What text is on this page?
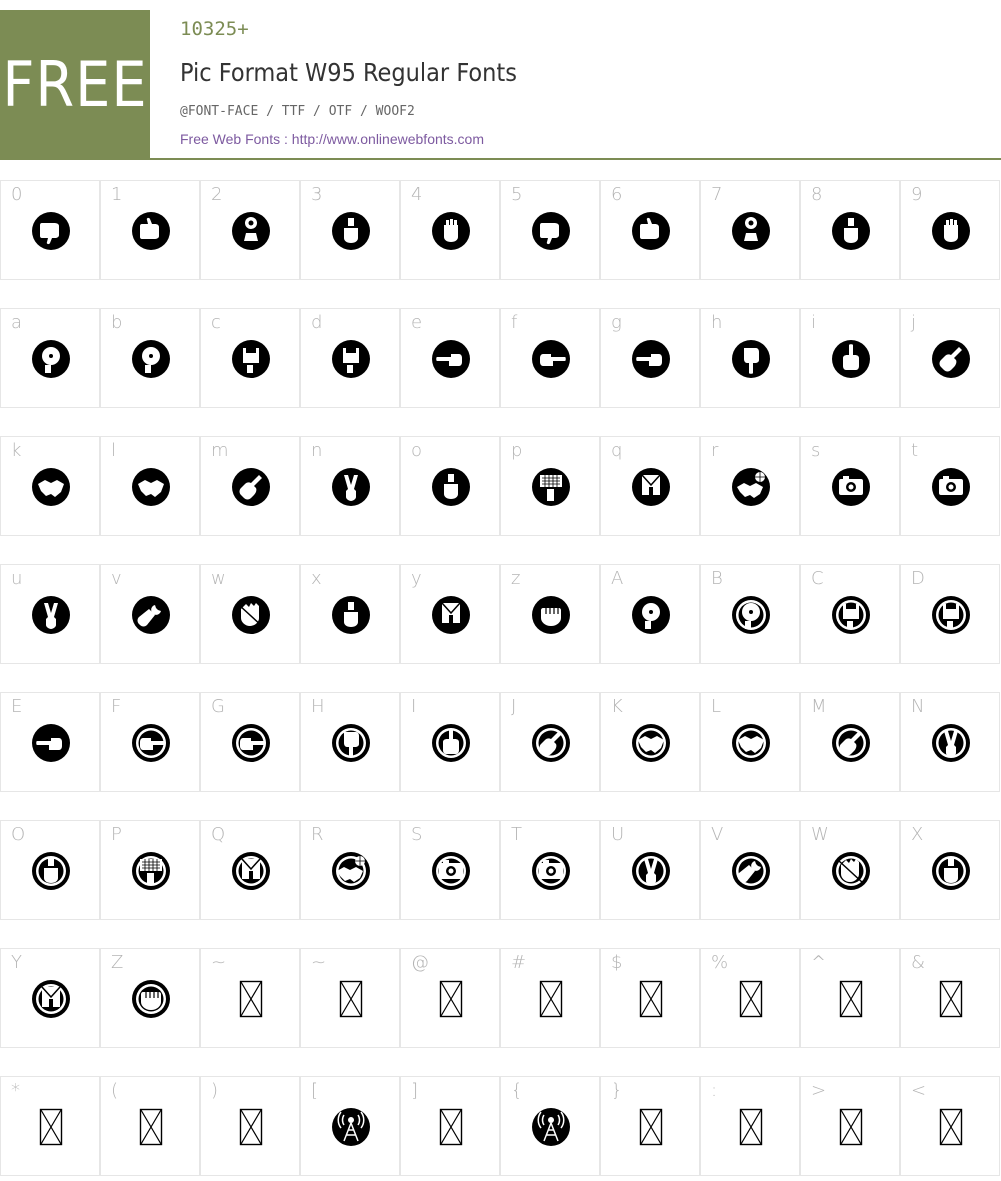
FREE
10325+
Pic Format W95 Regular Fonts
@FONT-FACE / TTF / OTF / WOOF2
Free Web Fonts : http://www.onlinewebfonts.com
0	1	2	3	4	5	6	7	8	9
a	b	c	d	e	f	g	h	i	j
k	l	m	n	o	p	q	r	s	t
u	v	w	x	y	z	A	B	C	D
E	F	G	H	I	J	K	L	M	N
O	P	Q	R	S	T	U	V	W	X
Y	Z	~	~	@	#	$	%	^	&
*	(	)	[	]	{	}	:	>	<
